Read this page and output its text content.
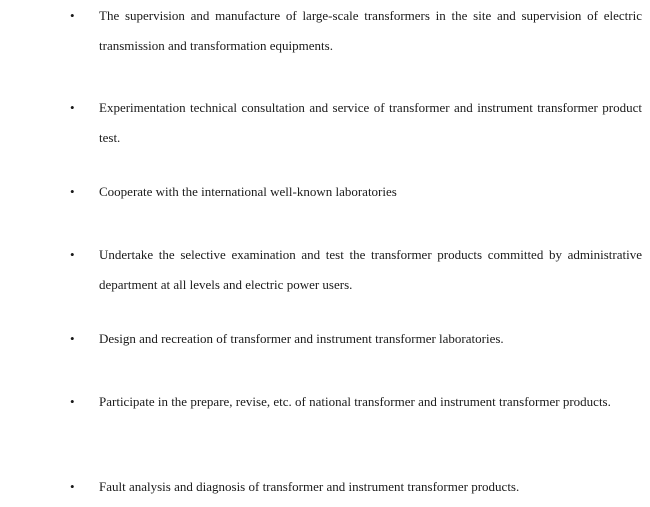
• The supervision and manufacture of large-scale transformers in the site and supervision of electric transmission and transformation equipments.
• Experimentation technical consultation and service of transformer and instrument transformer product test.
• Cooperate with the international well-known laboratories
• Undertake the selective examination and test the transformer products committed by administrative department at all levels and electric power users.
• Design and recreation of transformer and instrument transformer laboratories.
• Participate in the prepare, revise, etc. of national transformer and instrument transformer products.
• Fault analysis and diagnosis of transformer and instrument transformer products.
